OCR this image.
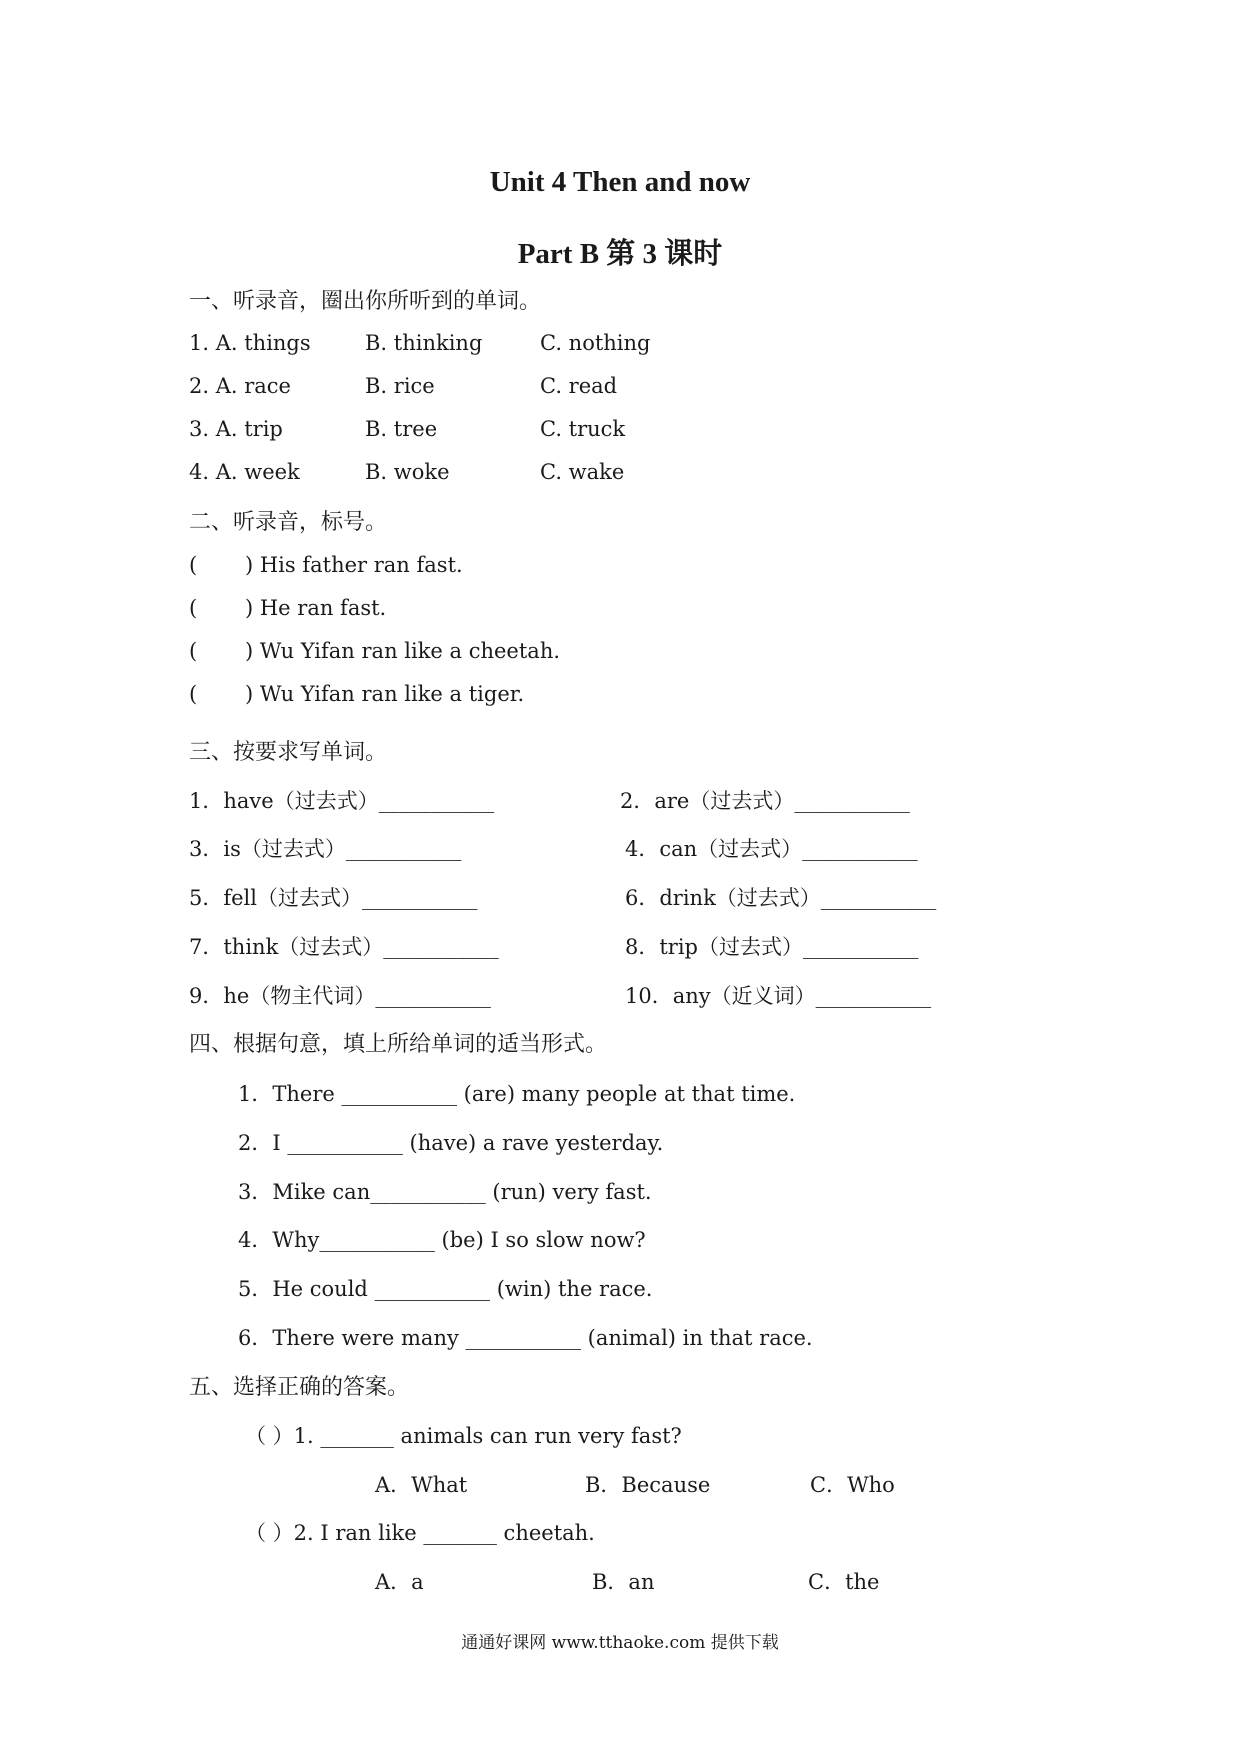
Unit 4 Then and now
Part B 第 3 课时
一、听录音，圈出你所听到的单词。
1. A. things	B. thinking	C. nothing
2. A. race	B. rice	C. read
3. A. trip	B. tree	C. truck
4. A. week	B. woke	C. wake
二、听录音，标号。
( ) His father ran fast.
( ) He ran fast.
( ) Wu Yifan ran like a cheetah.
( ) Wu Yifan ran like a tiger.
三、按要求写单词。
1．have（过去式）___________	2．are（过去式）___________
3．is（过去式）___________	4．can（过去式）___________
5．fell（过去式）___________	6．drink（过去式）___________
7．think（过去式）___________	8．trip（过去式）___________
9．he（物主代词）___________	10．any（近义词）___________
四、根据句意，填上所给单词的适当形式。
1．There ___________ (are) many people at that time.
2．I ___________ (have) a rave yesterday.
3．Mike can___________ (run) very fast.
4．Why___________ (be) I so slow now?
5．He could ___________ (win) the race.
6．There were many ___________ (animal) in that race.
五、选择正确的答案。
（ ）1. _______ animals can run very fast?
A．What	B．Because	C．Who
（ ）2. I ran like _______ cheetah.
A．a	B．an	C．the
通通好课网 www.tthaoke.com 提供下载
